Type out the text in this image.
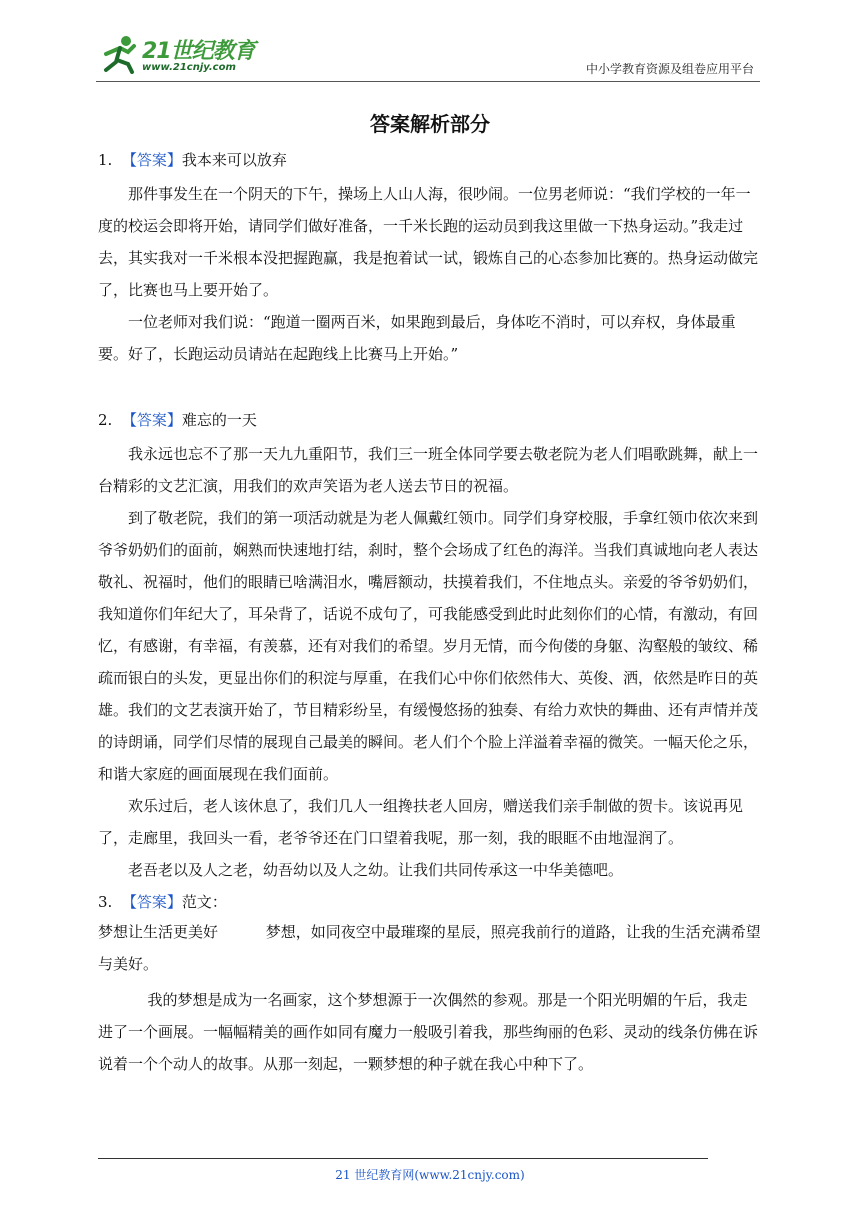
21世纪教育
www.21cnjy.com	中小学教育资源及组卷应用平台
答案解析部分

1. 【答案】我本来可以放弃

那件事发生在一个阴天的下午，操场上人山人海，很吵闹。一位男老师说：“我们学校的一年一度的校运会即将开始，请同学们做好准备，一千米长跑的运动员到我这里做一下热身运动。”我走过去，其实我对一千米根本没把握跑赢，我是抱着试一试，锻炼自己的心态参加比赛的。热身运动做完了，比赛也马上要开始了。

一位老师对我们说：“跑道一圈两百米，如果跑到最后，身体吃不消时，可以弃权，身体最重要。好了，长跑运动员请站在起跑线上比赛马上开始。”

2. 【答案】难忘的一天

我永远也忘不了那一天九九重阳节，我们三一班全体同学要去敬老院为老人们唱歌跳舞，献上一台精彩的文艺汇演，用我们的欢声笑语为老人送去节日的祝福。

到了敬老院，我们的第一项活动就是为老人佩戴红领巾。同学们身穿校服，手拿红领巾依次来到爷爷奶奶们的面前，娴熟而快速地打结，刹时，整个会场成了红色的海洋。当我们真诚地向老人表达敬礼、祝福时，他们的眼睛已啥满泪水，嘴唇额动，扶摸着我们，不住地点头。亲爱的爷爷奶奶们，我知道你们年纪大了，耳朵背了，话说不成句了，可我能感受到此时此刻你们的心情，有激动，有回忆，有感谢，有幸福，有羡慕，还有对我们的希望。岁月无情，而今佝偻的身躯、沟壑般的皱纹、稀疏而银白的头发，更显出你们的积淀与厚重，在我们心中你们依然伟大、英俊、洒，依然是昨日的英雄。我们的文艺表演开始了，节目精彩纷呈，有缓慢悠扬的独奏、有给力欢快的舞曲、还有声情并茂的诗朗诵，同学们尽情的展现自己最美的瞬间。老人们个个脸上洋溢着幸福的微笑。一幅天伦之乐，和谐大家庭的画面展现在我们面前。

欢乐过后，老人该休息了，我们几人一组搀扶老人回房，赠送我们亲手制做的贺卡。该说再见了，走廊里，我回头一看，老爷爷还在门口望着我呢，那一刻，我的眼眶不由地湿润了。

老吾老以及人之老，幼吾幼以及人之幼。让我们共同传承这一中华美德吧。

3. 【答案】范文：

梦想让生活更美好	梦想，如同夜空中最璀璨的星辰，照亮我前行的道路，让我的生活充满希望与美好。

我的梦想是成为一名画家，这个梦想源于一次偶然的参观。那是一个阳光明媚的午后，我走进了一个画展。一幅幅精美的画作如同有魔力一般吸引着我，那些绚丽的色彩、灵动的线条仿佛在诉说着一个个动人的故事。从那一刻起，一颗梦想的种子就在我心中种下了。

21 世纪教育网(www.21cnjy.com)
